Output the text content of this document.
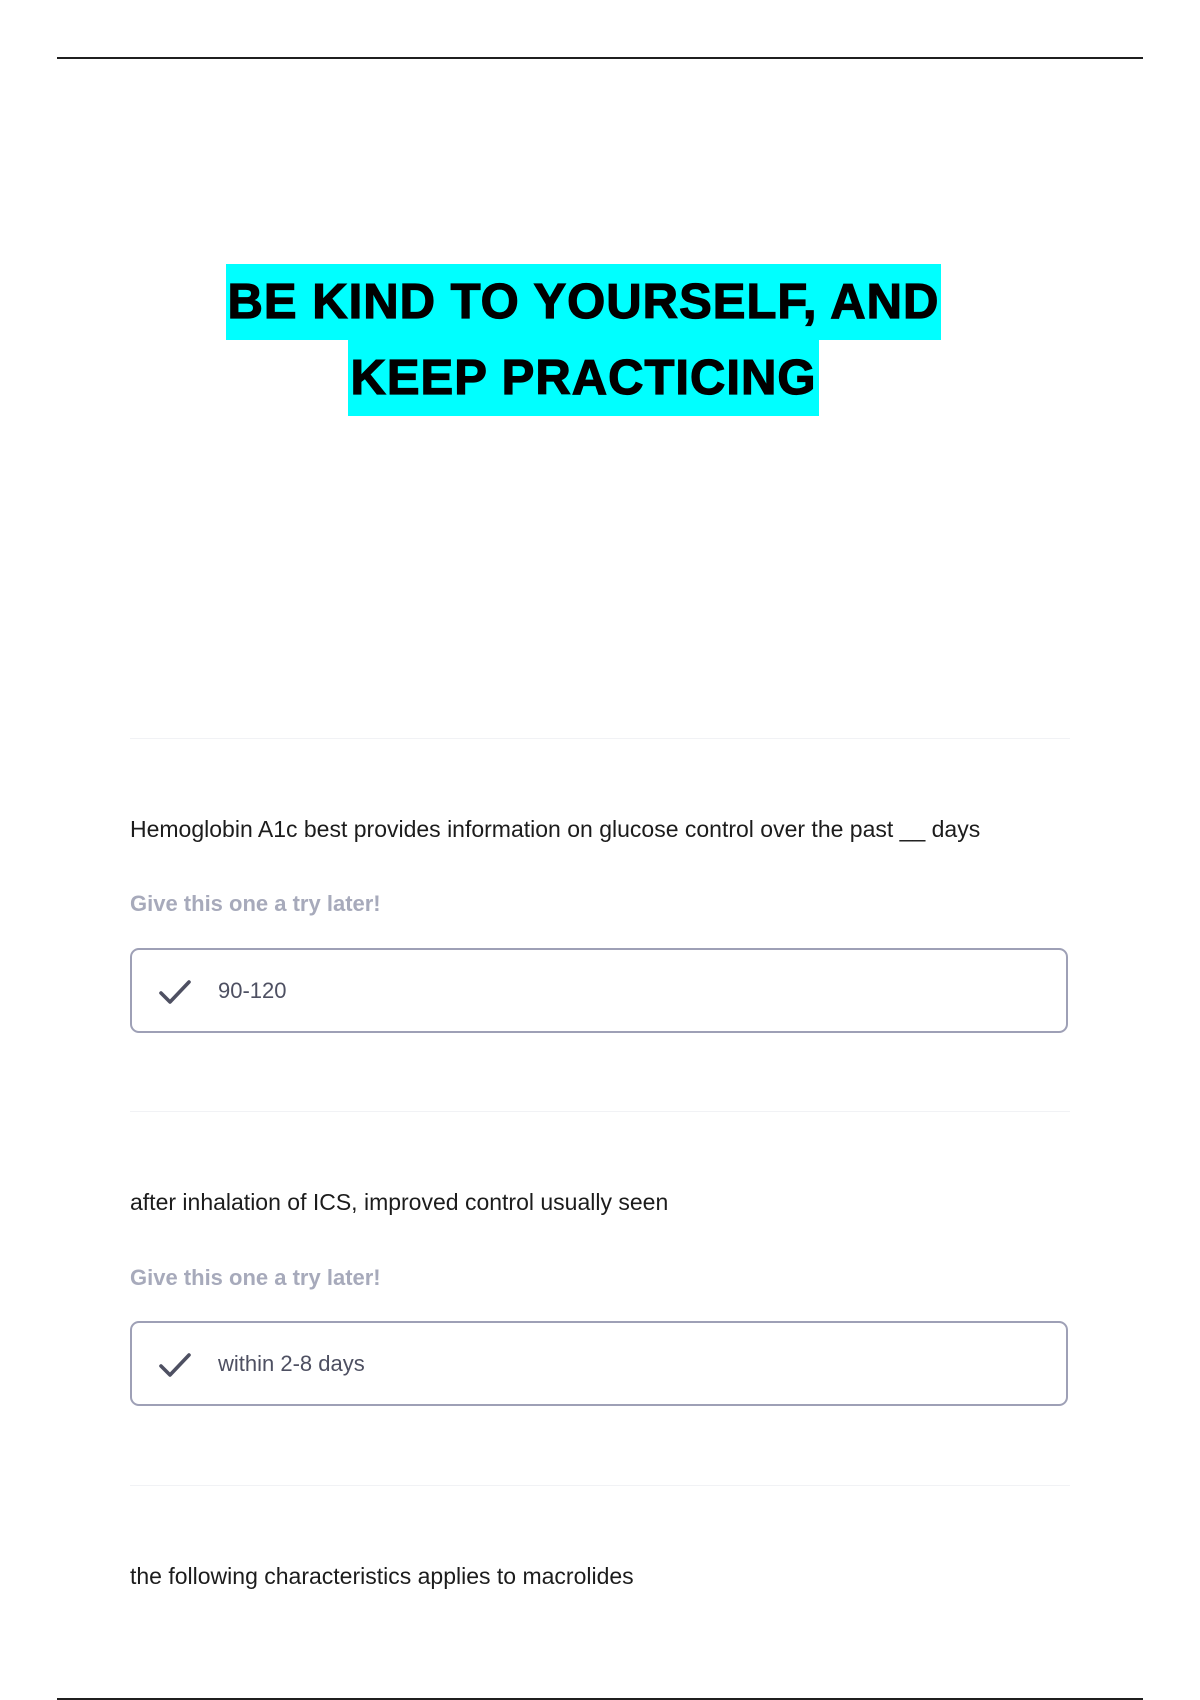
BE KIND TO YOURSELF, AND
KEEP PRACTICING
Hemoglobin A1c best provides information on glucose control over the past __ days
Give this one a try later!
90-120
after inhalation of ICS, improved control usually seen
Give this one a try later!
within 2-8 days
the following characteristics applies to macrolides
